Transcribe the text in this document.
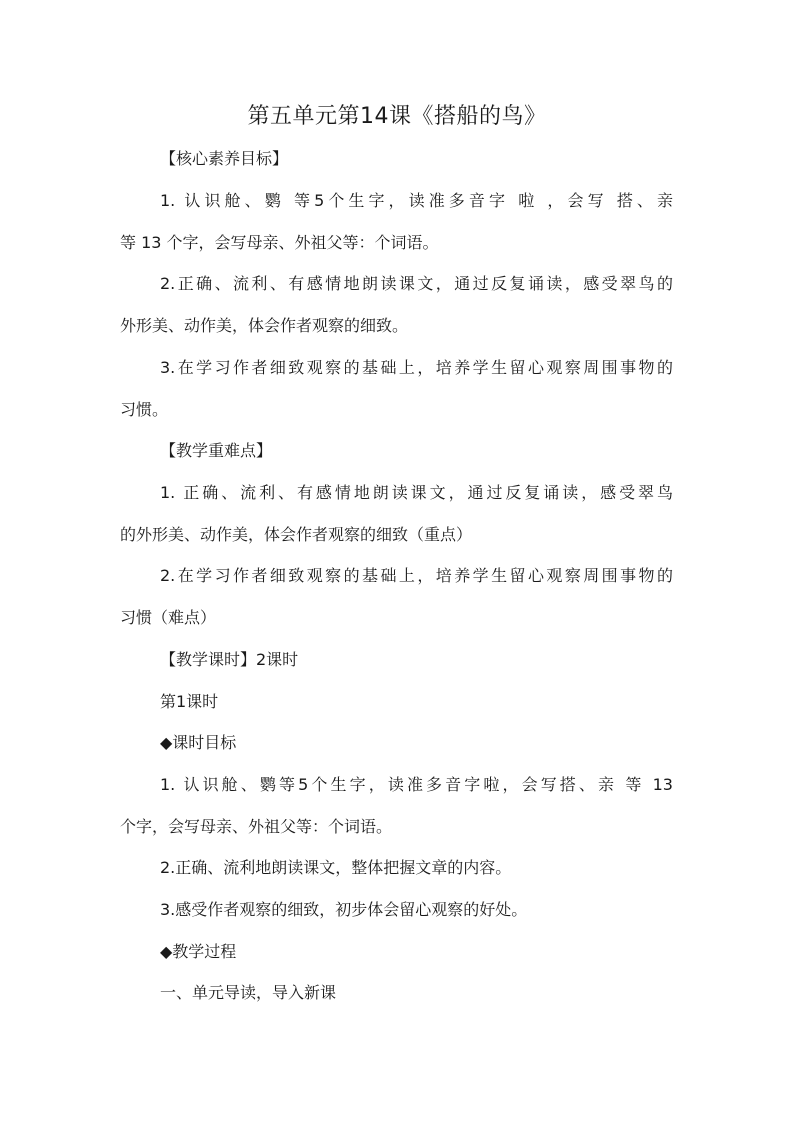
第五单元第14课《搭船的鸟》
【核心素养目标】
1. 认识舱、鹦 等5个生字，读准多音字 啦 ，会写 搭、亲
等 13 个字，会写母亲、外祖父等：个词语。
2.正确、流利、有感情地朗读课文，通过反复诵读，感受翠鸟的
外形美、动作美，体会作者观察的细致。
3.在学习作者细致观察的基础上，培养学生留心观察周围事物的
习惯。
【教学重难点】
1. 正确、流利、有感情地朗读课文，通过反复诵读，感受翠鸟
的外形美、动作美，体会作者观察的细致（重点）
2.在学习作者细致观察的基础上，培养学生留心观察周围事物的
习惯（难点）
【教学课时】2课时
第1课时
◆课时目标
1. 认识舱、鹦等5个生字，读准多音字啦，会写搭、亲 等 13
个字，会写母亲、外祖父等：个词语。
2.正确、流利地朗读课文，整体把握文章的内容。
3.感受作者观察的细致，初步体会留心观察的好处。
◆教学过程
一、单元导读，导入新课
